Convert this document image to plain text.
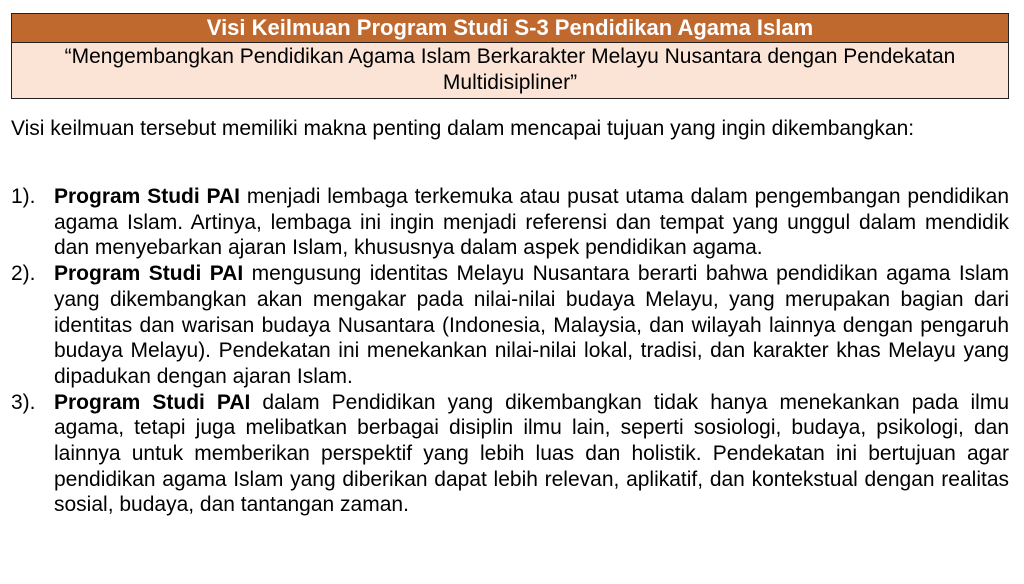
Visi Keilmuan Program Studi S-3 Pendidikan Agama Islam
“Mengembangkan Pendidikan Agama Islam Berkarakter Melayu Nusantara dengan Pendekatan Multidisipliner”
Visi keilmuan tersebut memiliki makna penting dalam mencapai tujuan yang ingin dikembangkan:
1). Program Studi PAI menjadi lembaga terkemuka atau pusat utama dalam pengembangan pendidikan agama Islam. Artinya, lembaga ini ingin menjadi referensi dan tempat yang unggul dalam mendidik dan menyebarkan ajaran Islam, khususnya dalam aspek pendidikan agama.
2). Program Studi PAI mengusung identitas Melayu Nusantara berarti bahwa pendidikan agama Islam yang dikembangkan akan mengakar pada nilai-nilai budaya Melayu, yang merupakan bagian dari identitas dan warisan budaya Nusantara (Indonesia, Malaysia, dan wilayah lainnya dengan pengaruh budaya Melayu). Pendekatan ini menekankan nilai-nilai lokal, tradisi, dan karakter khas Melayu yang dipadukan dengan ajaran Islam.
3). Program Studi PAI dalam Pendidikan yang dikembangkan tidak hanya menekankan pada ilmu agama, tetapi juga melibatkan berbagai disiplin ilmu lain, seperti sosiologi, budaya, psikologi, dan lainnya untuk memberikan perspektif yang lebih luas dan holistik. Pendekatan ini bertujuan agar pendidikan agama Islam yang diberikan dapat lebih relevan, aplikatif, dan kontekstual dengan realitas sosial, budaya, dan tantangan zaman.
